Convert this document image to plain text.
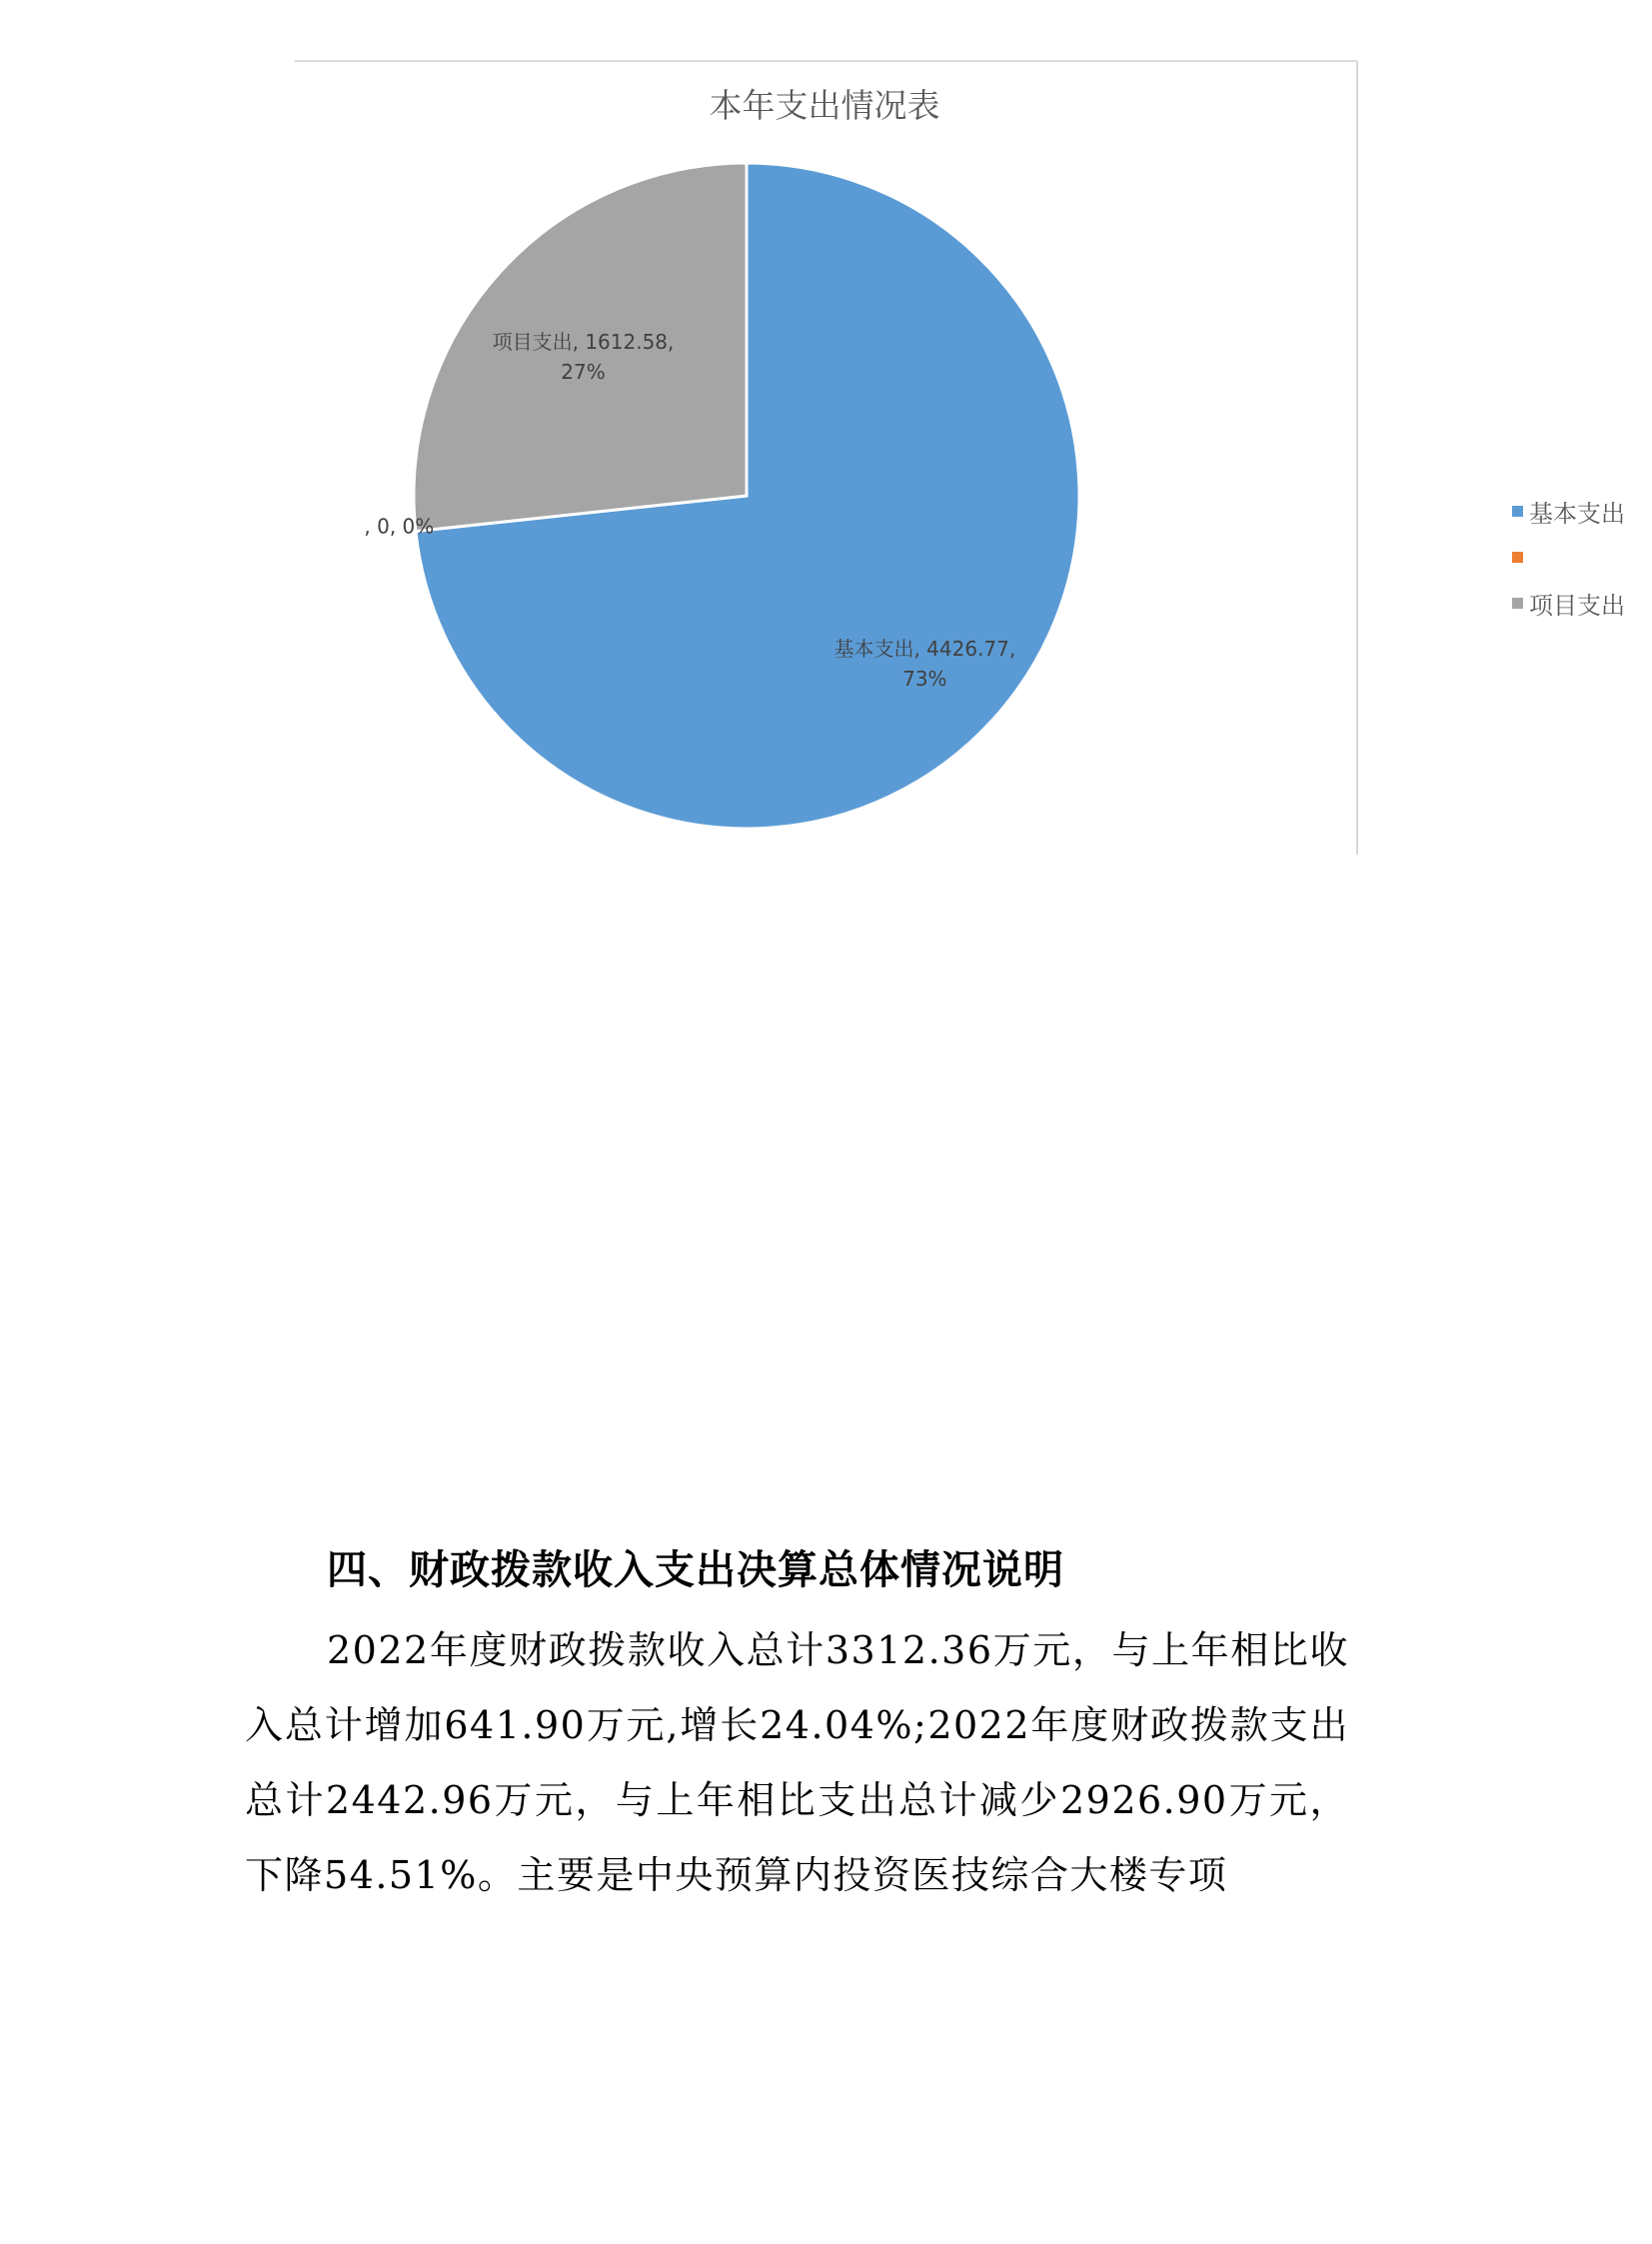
本年支出情况表
基本支出, 4426.77, 73%
, 0, 0%
项目支出, 1612.58, 27%
基本支出
项目支出
四、财政拨款收入支出决算总体情况说明

2022年度财政拨款收入总计3312.36万元，与上年相比收入总计增加641.90万元,增长24.04%;2022年度财政拨款支出总计2442.96万元，与上年相比支出总计减少2926.90万元，下降54.51%。主要是中央预算内投资医技综合大楼专项
